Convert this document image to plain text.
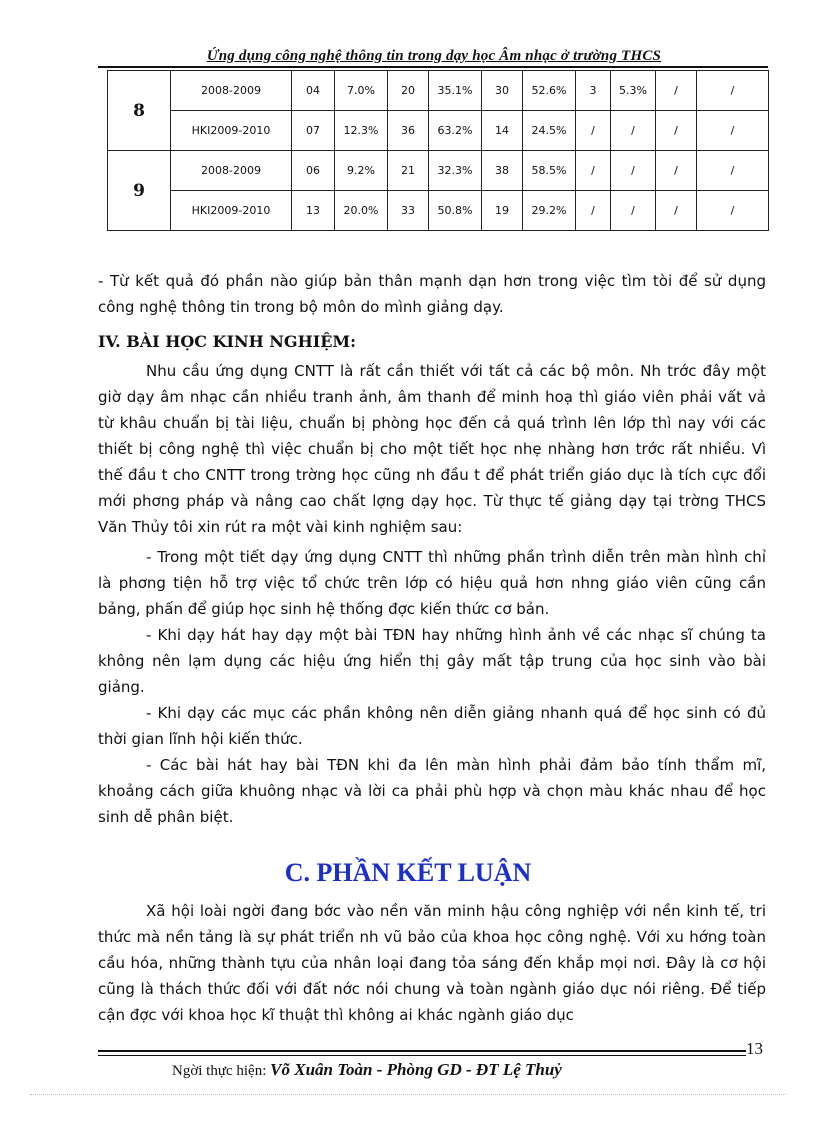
Ứng dụng công nghệ thông tin trong dạy học Âm nhạc ở trường THCS
8	2008-2009	04	7.0%	20	35.1%	30	52.6%	3	5.3%	/	/
	HKI2009-2010	07	12.3%	36	63.2%	14	24.5%	/	/	/	/
9	2008-2009	06	9.2%	21	32.3%	38	58.5%	/	/	/	/
	HKI2009-2010	13	20.0%	33	50.8%	19	29.2%	/	/	/	/

- Từ kết quả đó phần nào giúp bản thân mạnh dạn hơn trong việc tìm tòi để sử dụng công nghệ thông tin trong bộ môn do mình giảng dạy.

IV. BÀI HỌC KINH NGHIỆM:

Nhu cầu ứng dụng CNTT là rất cần thiết với tất cả các bộ môn. Nh trớc đây một giờ dạy âm nhạc cần nhiều tranh ảnh, âm thanh để minh hoạ thì giáo viên phải vất vả từ khâu chuẩn bị tài liệu, chuẩn bị phòng học đến cả quá trình lên lớp thì nay với các thiết bị công nghệ thì việc chuẩn bị cho một tiết học nhẹ nhàng hơn trớc rất nhiều. Vì thế đầu t cho CNTT trong trờng học cũng nh đầu t để phát triển giáo dục là tích cực đổi mới phơng pháp và nâng cao chất lợng dạy học. Từ thực tế giảng dạy tại trờng THCS Văn Thủy tôi xin rút ra một vài kinh nghiệm sau:

- Trong một tiết dạy ứng dụng CNTT thì những phần trình diễn trên màn hình chỉ là phơng tiện hỗ trợ việc tổ chức trên lớp có hiệu quả hơn nhng giáo viên cũng cần bảng, phấn để giúp học sinh hệ thống đợc kiến thức cơ bản.

- Khi dạy hát hay dạy một bài TĐN hay những hình ảnh về các nhạc sĩ chúng ta không nên lạm dụng các hiệu ứng hiển thị gây mất tập trung của học sinh vào bài giảng.

- Khi dạy các mục các phần không nên diễn giảng nhanh quá để học sinh có đủ thời gian lĩnh hội kiến thức.

- Các bài hát hay bài TĐN khi đa lên màn hình phải đảm bảo tính thẩm mĩ, khoảng cách giữa khuông nhạc và lời ca phải phù hợp và chọn màu khác nhau để học sinh dễ phân biệt.

C. PHẦN KẾT LUẬN

Xã hội loài ngời đang bớc vào nền văn minh hậu công nghiệp với nền kinh tế, tri thức mà nền tảng là sự phát triển nh vũ bảo của khoa học công nghệ. Với xu hớng toàn cầu hóa, những thành tựu của nhân loại đang tỏa sáng đến khắp mọi nơi. Đây là cơ hội cũng là thách thức đối với đất nớc nói chung và toàn ngành giáo dục nói riêng. Để tiếp cận đợc với khoa học kĩ thuật thì không ai khác ngành giáo dục

13
Ngời thực hiện: Võ Xuân Toàn - Phòng GD - ĐT Lệ Thuỷ
